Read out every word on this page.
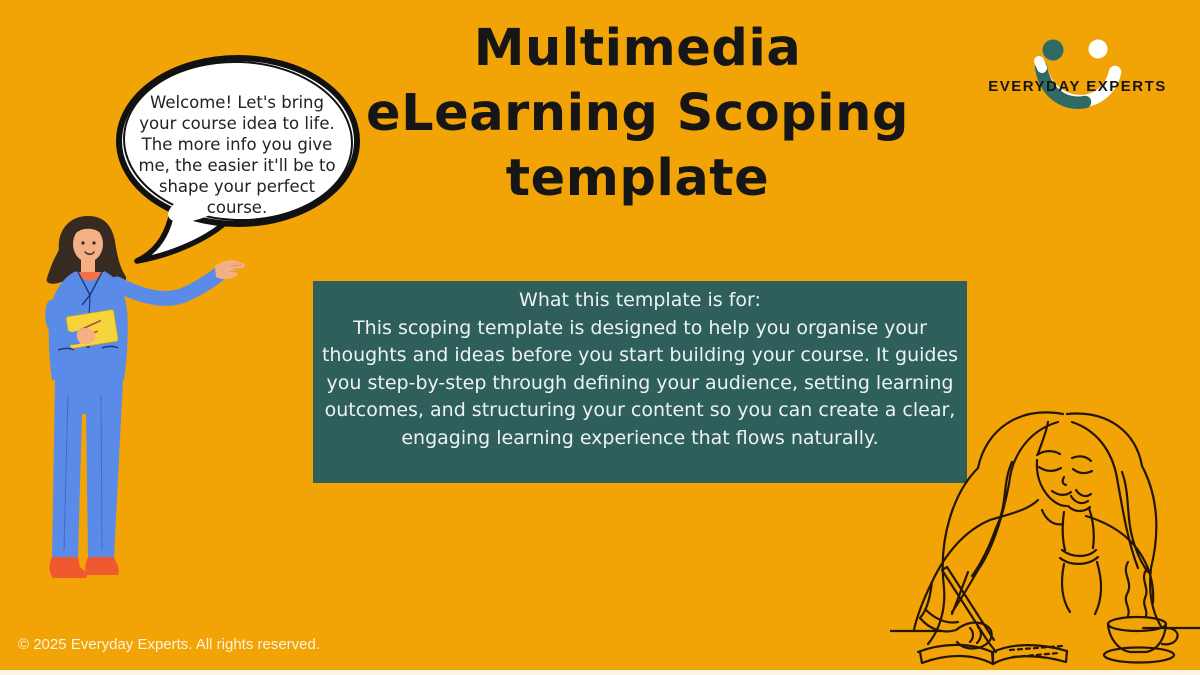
Multimedia
eLearning Scoping
template
EVERYDAY EXPERTS
Welcome! Let's bring your course idea to life. The more info you give me, the easier it'll be to shape your perfect course.
What this template is for:
This scoping template is designed to help you organise your thoughts and ideas before you start building your course. It guides you step-by-step through defining your audience, setting learning outcomes, and structuring your content so you can create a clear, engaging learning experience that flows naturally.
© 2025 Everyday Experts. All rights reserved.
